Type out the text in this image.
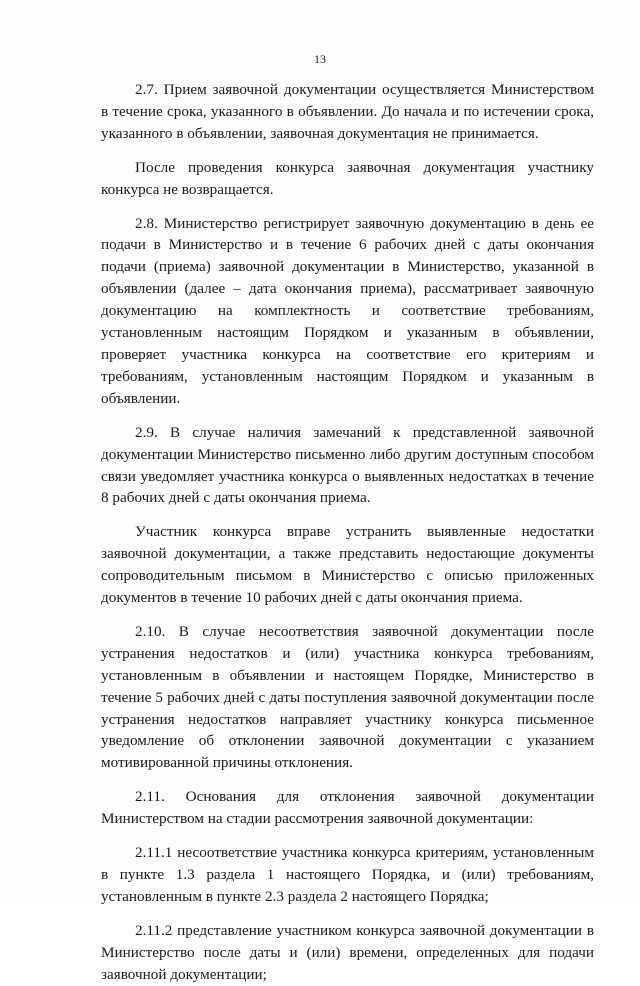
13

2.7. Прием заявочной документации осуществляется Министерством в течение срока, указанного в объявлении. До начала и по истечении срока, указанного в объявлении, заявочная документация не принимается.

После проведения конкурса заявочная документация участнику конкурса не возвращается.

2.8. Министерство регистрирует заявочную документацию в день ее подачи в Министерство и в течение 6 рабочих дней с даты окончания подачи (приема) заявочной документации в Министерство, указанной в объявлении (далее – дата окончания приема), рассматривает заявочную документацию на комплектность и соответствие требованиям, установленным настоящим Порядком и указанным в объявлении, проверяет участника конкурса на соответствие его критериям и требованиям, установленным настоящим Порядком и указанным в объявлении.

2.9. В случае наличия замечаний к представленной заявочной документации Министерство письменно либо другим доступным способом связи уведомляет участника конкурса о выявленных недостатках в течение 8 рабочих дней с даты окончания приема.

Участник конкурса вправе устранить выявленные недостатки заявочной документации, а также представить недостающие документы сопроводительным письмом в Министерство с описью приложенных документов в течение 10 рабочих дней с даты окончания приема.

2.10. В случае несоответствия заявочной документации после устранения недостатков и (или) участника конкурса требованиям, установленным в объявлении и настоящем Порядке, Министерство в течение 5 рабочих дней с даты поступления заявочной документации после устранения недостатков направляет участнику конкурса письменное уведомление об отклонении заявочной документации с указанием мотивированной причины отклонения.

2.11. Основания для отклонения заявочной документации Министерством на стадии рассмотрения заявочной документации:

2.11.1 несоответствие участника конкурса критериям, установленным в пункте 1.3 раздела 1 настоящего Порядка, и (или) требованиям, установленным в пункте 2.3 раздела 2 настоящего Порядка;

2.11.2 представление участником конкурса заявочной документации в Министерство после даты и (или) времени, определенных для подачи заявочной документации;
